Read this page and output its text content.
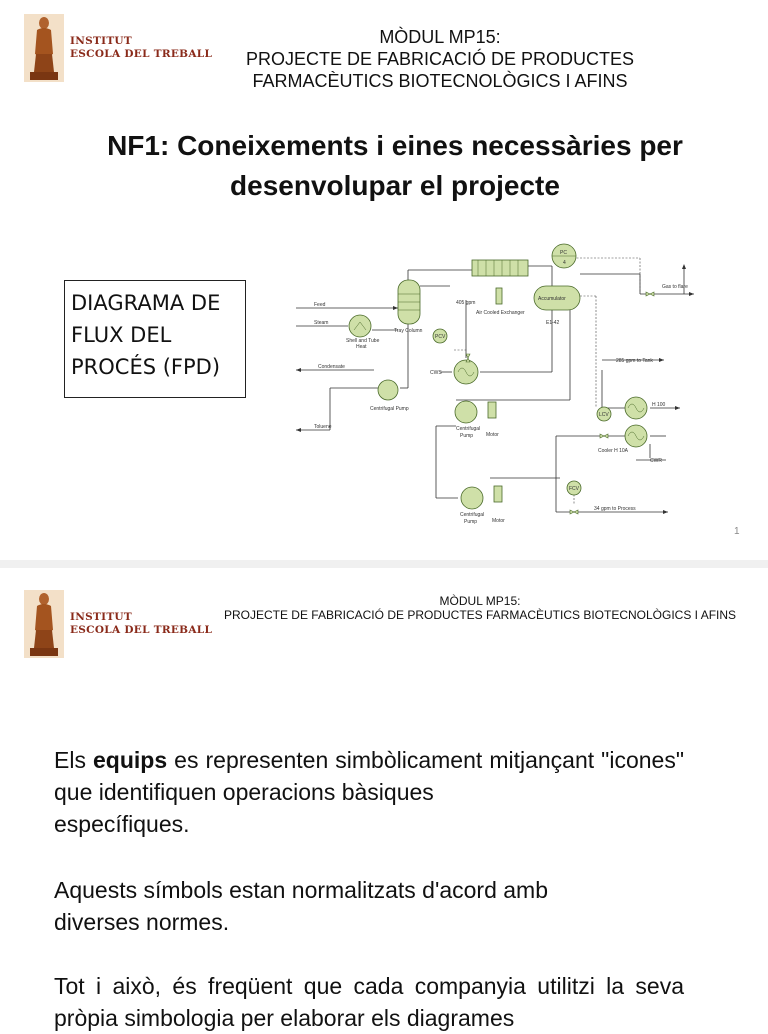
INSTITUT
ESCOLA DEL TREBALL
MÒDUL MP15:
PROJECTE DE FABRICACIÓ DE PRODUCTES
FARMACÈUTICS BIOTECNOLÒGICS I AFINS
NF1: Coneixements i eines necessàries per
desenvolupar el projecte
DIAGRAMA DE
FLUX DEL
PROCÉS (FPD)
Feed
Steam
Condensate
Toluene
Tray Column
Shell and Tube
Heat
Centrifugal Pump
Air Cooled Exchanger
Accumulator
Gas to flare
405 gpm
CWS
Centrifugal
Pump	Motor
Centrifugal
Pump	Motor
285 gpm to Tank
H 100
Cooler H 10A
CWR
34 gpm to Process
PC
4
PCV
LCV
FCV
E1-42
1
INSTITUT
ESCOLA DEL TREBALL
MÒDUL MP15:
PROJECTE DE FABRICACIÓ DE PRODUCTES FARMACÈUTICS BIOTECNOLÒGICS I AFINS
Els equips es representen simbòlicament mitjançant "icones" que identifiquen operacions bàsiques
específiques.
Aquests símbols estan normalitzats d'acord amb
diverses normes.
Tot i això, és freqüent que cada companyia utilitzi la seva pròpia simbologia per elaborar els diagrames
